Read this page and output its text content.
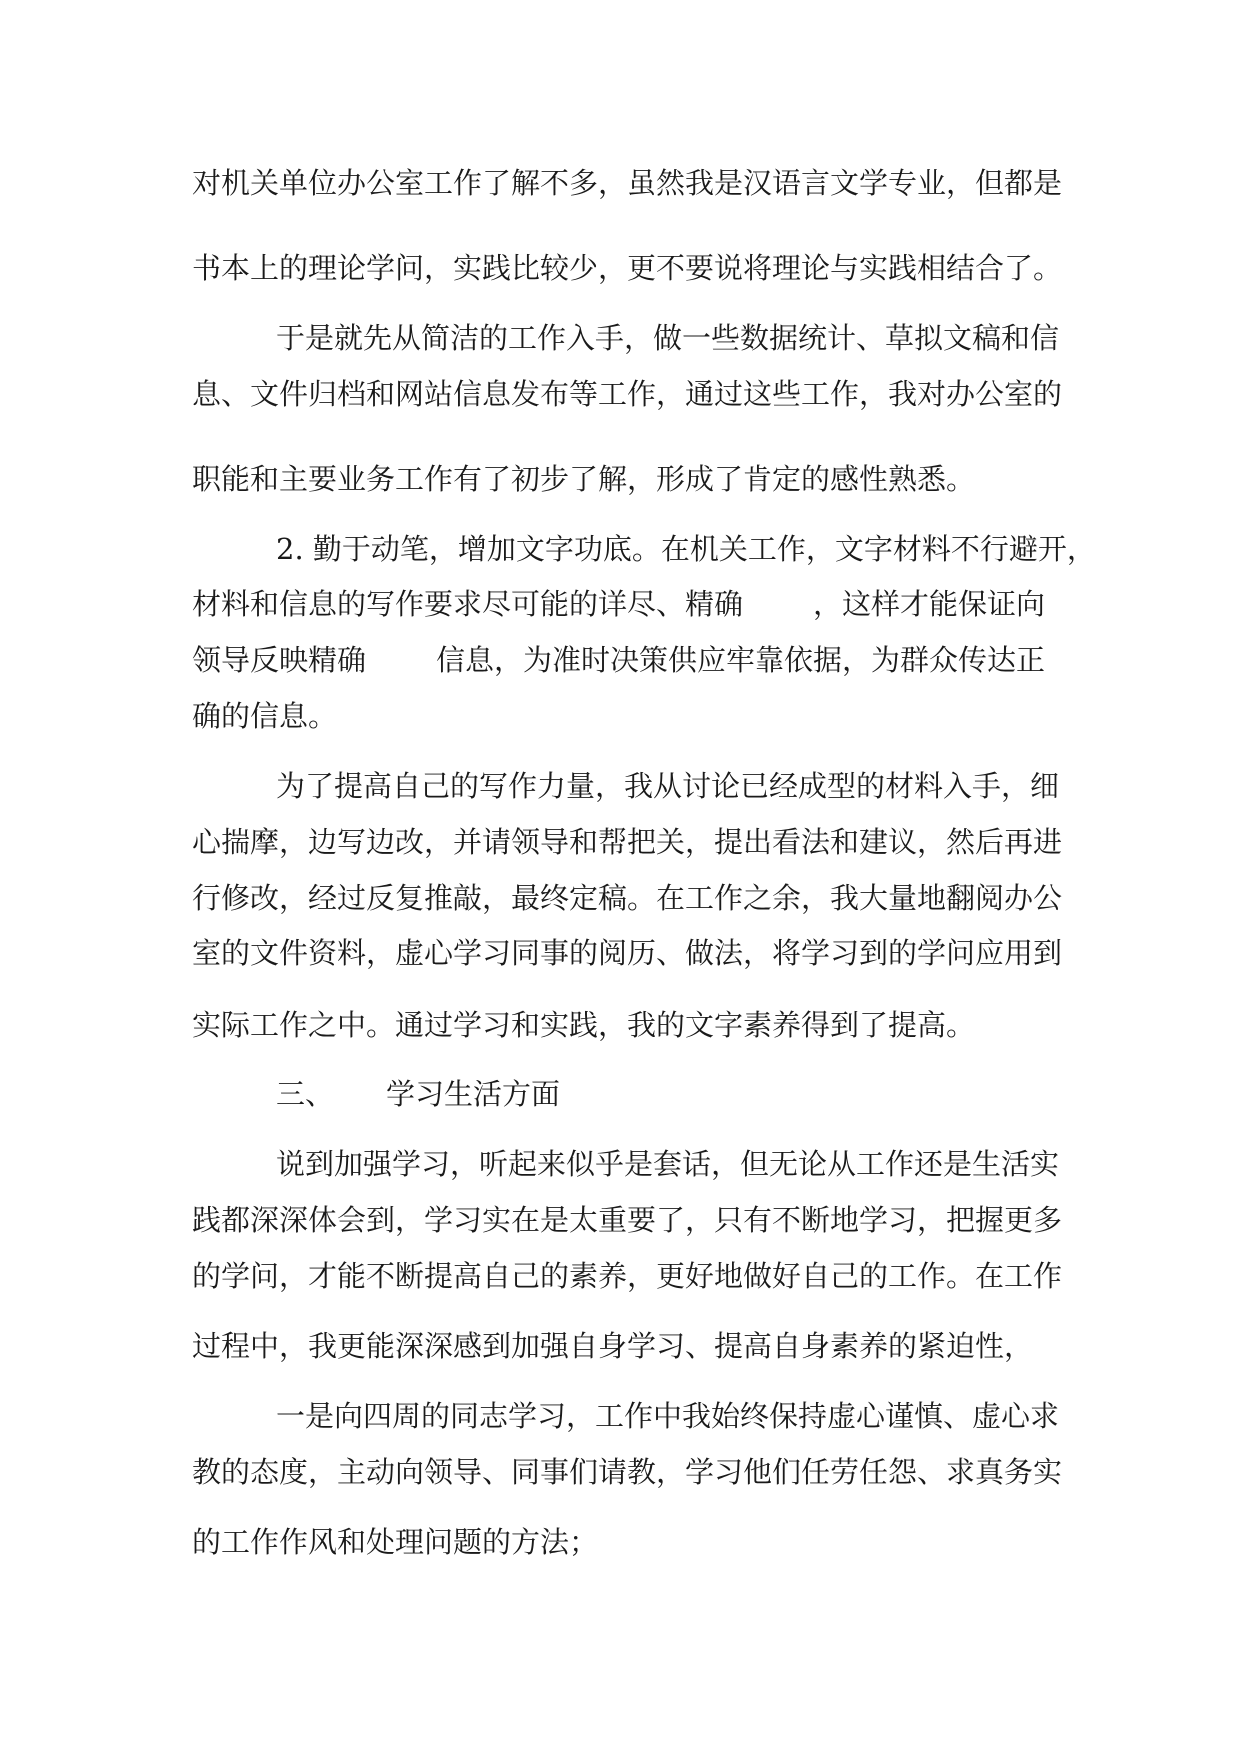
对机关单位办公室工作了解不多，虽然我是汉语言文学专业，但都是
书本上的理论学问，实践比较少，更不要说将理论与实践相结合了。
于是就先从简洁的工作入手，做一些数据统计、草拟文稿和信
息、文件归档和网站信息发布等工作，通过这些工作，我对办公室的
职能和主要业务工作有了初步了解，形成了肯定的感性熟悉。
2. 勤于动笔，增加文字功底。在机关工作，文字材料不行避开，
材料和信息的写作要求尽可能的详尽、精确 ，这样才能保证向
领导反映精确 信息，为准时决策供应牢靠依据，为群众传达正
确的信息。
为了提高自己的写作力量，我从讨论已经成型的材料入手，细
心揣摩，边写边改，并请领导和帮把关，提出看法和建议，然后再进
行修改，经过反复推敲，最终定稿。在工作之余，我大量地翻阅办公
室的文件资料，虚心学习同事的阅历、做法，将学习到的学问应用到
实际工作之中。通过学习和实践，我的文字素养得到了提高。
三、 学习生活方面
说到加强学习，听起来似乎是套话，但无论从工作还是生活实
践都深深体会到，学习实在是太重要了，只有不断地学习，把握更多
的学问，才能不断提高自己的素养，更好地做好自己的工作。在工作
过程中，我更能深深感到加强自身学习、提高自身素养的紧迫性，
一是向四周的同志学习，工作中我始终保持虚心谨慎、虚心求
教的态度，主动向领导、同事们请教，学习他们任劳任怨、求真务实
的工作作风和处理问题的方法；
